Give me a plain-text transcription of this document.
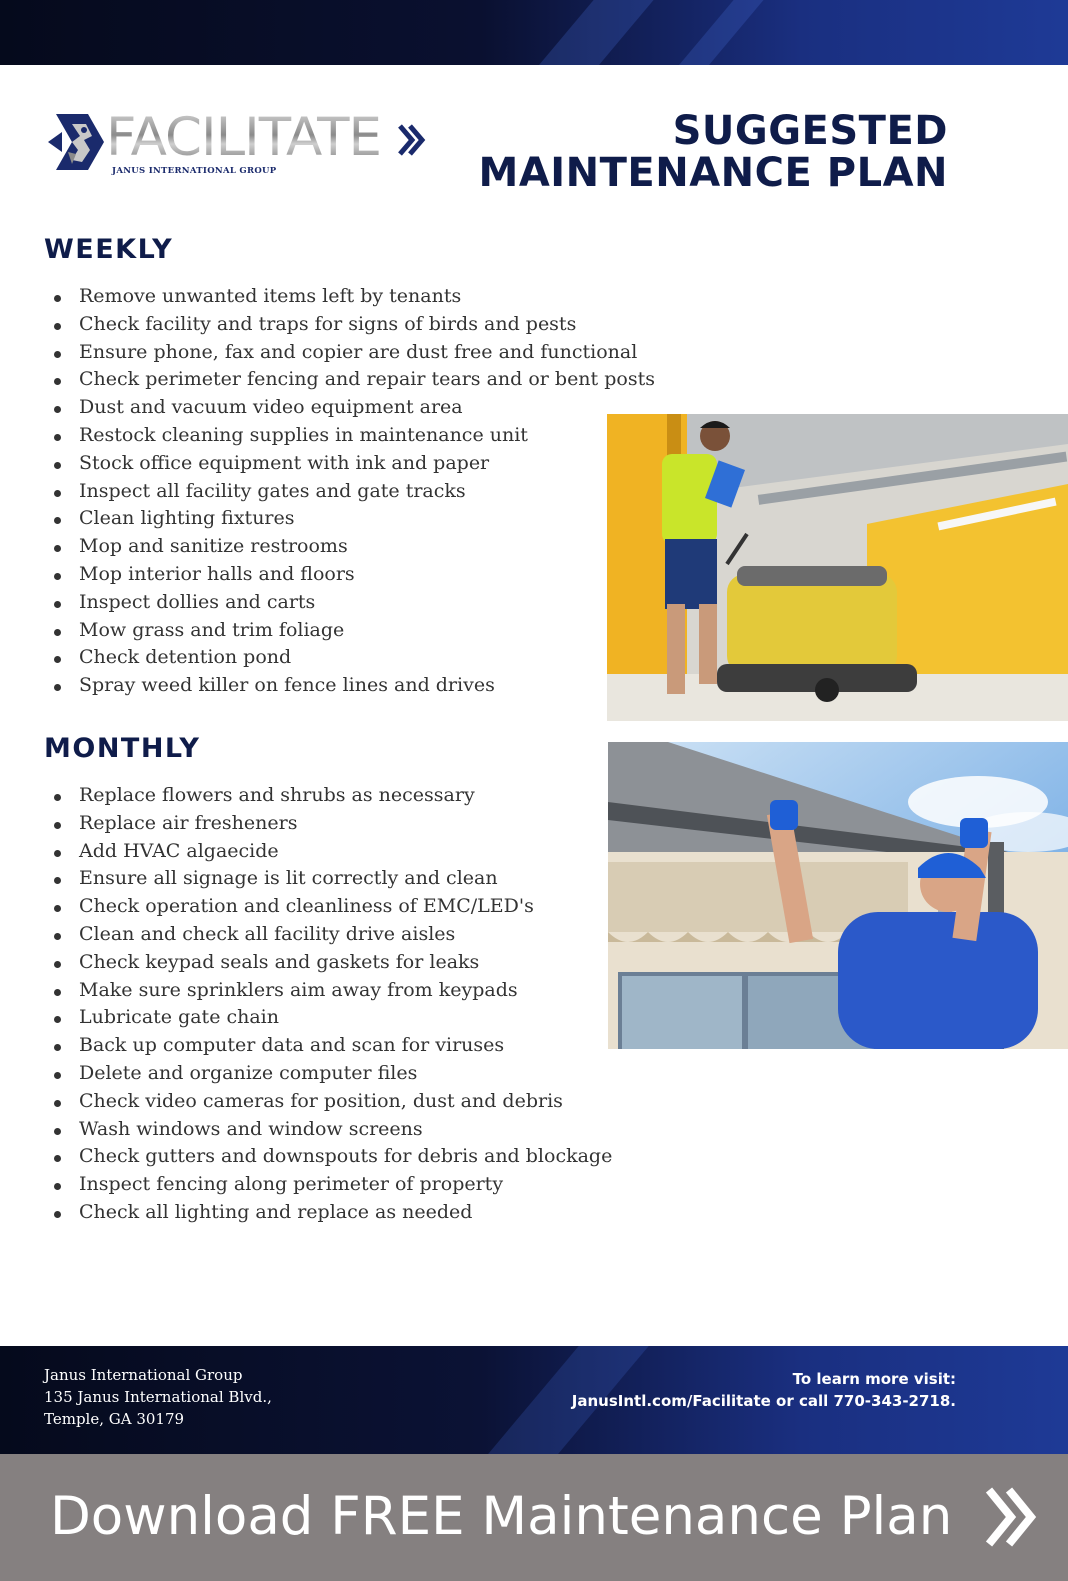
FACILITATE
JANUS INTERNATIONAL GROUP
SUGGESTED
MAINTENANCE PLAN
WEEKLY
Remove unwanted items left by tenants
Check facility and traps for signs of birds and pests
Ensure phone, fax and copier are dust free and functional
Check perimeter fencing and repair tears and or bent posts
Dust and vacuum video equipment area
Restock cleaning supplies in maintenance unit
Stock office equipment with ink and paper
Inspect all facility gates and gate tracks
Clean lighting fixtures
Mop and sanitize restrooms
Mop interior halls and floors
Inspect dollies and carts
Mow grass and trim foliage
Check detention pond
Spray weed killer on fence lines and drives
MONTHLY
Replace flowers and shrubs as necessary
Replace air fresheners
Add HVAC algaecide
Ensure all signage is lit correctly and clean
Check operation and cleanliness of EMC/LED's
Clean and check all facility drive aisles
Check keypad seals and gaskets for leaks
Make sure sprinklers aim away from keypads
Lubricate gate chain
Back up computer data and scan for viruses
Delete and organize computer files
Check video cameras for position, dust and debris
Wash windows and window screens
Check gutters and downspouts for debris and blockage
Inspect fencing along perimeter of property
Check all lighting and replace as needed
Janus International Group
135 Janus International Blvd.,
Temple, GA 30179
To learn more visit:
JanusIntl.com/Facilitate or call 770-343-2718.
Download FREE Maintenance Plan
